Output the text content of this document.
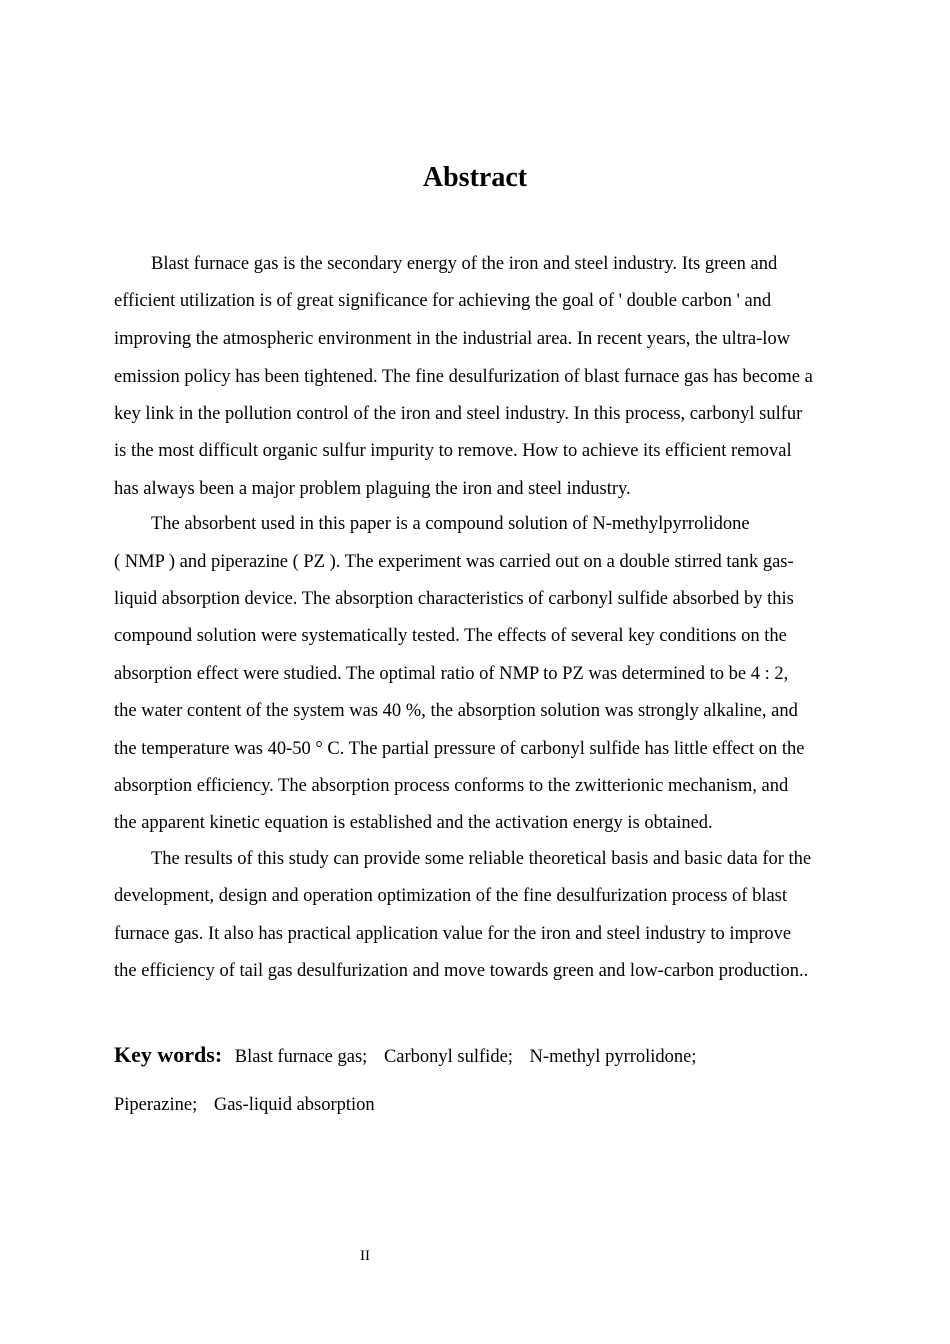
Abstract

Blast furnace gas is the secondary energy of the iron and steel industry. Its green and

efficient utilization is of great significance for achieving the goal of ' double carbon ' and

improving the atmospheric environment in the industrial area. In recent years, the ultra-low

emission policy has been tightened. The fine desulfurization of blast furnace gas has become a

key link in the pollution control of the iron and steel industry. In this process, carbonyl sulfur

is the most difficult organic sulfur impurity to remove. How to achieve its efficient removal

has always been a major problem plaguing the iron and steel industry.

The absorbent used in this paper is a compound solution of N-methylpyrrolidone

( NMP ) and piperazine ( PZ ). The experiment was carried out on a double stirred tank gas-

liquid absorption device. The absorption characteristics of carbonyl sulfide absorbed by this

compound solution were systematically tested. The effects of several key conditions on the

absorption effect were studied. The optimal ratio of NMP to PZ was determined to be 4 : 2,

the water content of the system was 40 %, the absorption solution was strongly alkaline, and

the temperature was 40-50 ° C. The partial pressure of carbonyl sulfide has little effect on the

absorption efficiency. The absorption process conforms to the zwitterionic mechanism, and

the apparent kinetic equation is established and the activation energy is obtained.

The results of this study can provide some reliable theoretical basis and basic data for the

development, design and operation optimization of the fine desulfurization process of blast

furnace gas. It also has practical application value for the iron and steel industry to improve

the efficiency of tail gas desulfurization and move towards green and low-carbon production..

Key words: Blast furnace gas; Carbonyl sulfide; N-methyl pyrrolidone;

Piperazine; Gas-liquid absorption

II
